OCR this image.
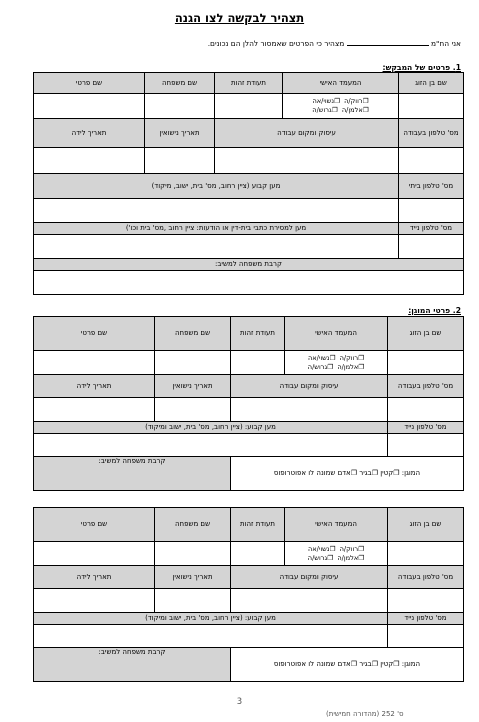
תצהיר לבקשה לצו הגנה
אני הח"מ  מצהיר כי הפרטים שאמסור להלן הם נכונים.
1. פרטים של המבקש:
שם בן הזוג	המעמד האישי	תעודת זהות	שם משפחה	שם פרטי
	❐רווק/ה  ❐נשוי/אה
❐אלמן/ה  ❐גרוש/ה			
מס' טלפון בעבודה	עיסוק ומקום עבודה		תאריך נישואין	תאריך לידה

מס' טלפון ביתי	מען קבוע (ציין רחוב, מס' בית, ישוב, מיקוד)			

מס' טלפון נייד	מען למסירת כתבי בית-דין או הודעות: ציין רחוב ,מס' בית וכו')			

קרבת משפחה למשיב:				

2. פרטי המוגן:
שם בן הזוג	המעמד האישי	תעודת זהות	שם משפחה	שם פרטי
	❐רווק/ה  ❐נשוי/אה
❐אלמן/ה  ❐גרוש/ה			
מס' טלפון בעבודה	עיסוק ומקום עבודה		תאריך נישואין	תאריך לידה

מס' טלפון נייד	מען קבוע: (ציין רחוב, מס' בית, ישוב ומיקוד)			

המוגן: ❐קטין ❐בגיר ❐אדם שמונה לו אפוטרופוס			קרבת משפחה למשיב:	
שם בן הזוג	המעמד האישי	תעודת זהות	שם משפחה	שם פרטי
	❐רווק/ה  ❐נשוי/אה
❐אלמן/ה  ❐גרוש/ה			
מס' טלפון בעבודה	עיסוק ומקום עבודה		תאריך נישואין	תאריך לידה

מס' טלפון נייד	מען קבוע: (ציין רחוב, מס' בית, ישוב ומיקוד)			

המוגן: ❐קטין ❐בגיר ❐אדם שמונה לו אפוטרופוס			קרבת משפחה למשיב:	
3
ס' 252 (מהדורה חמישית)
